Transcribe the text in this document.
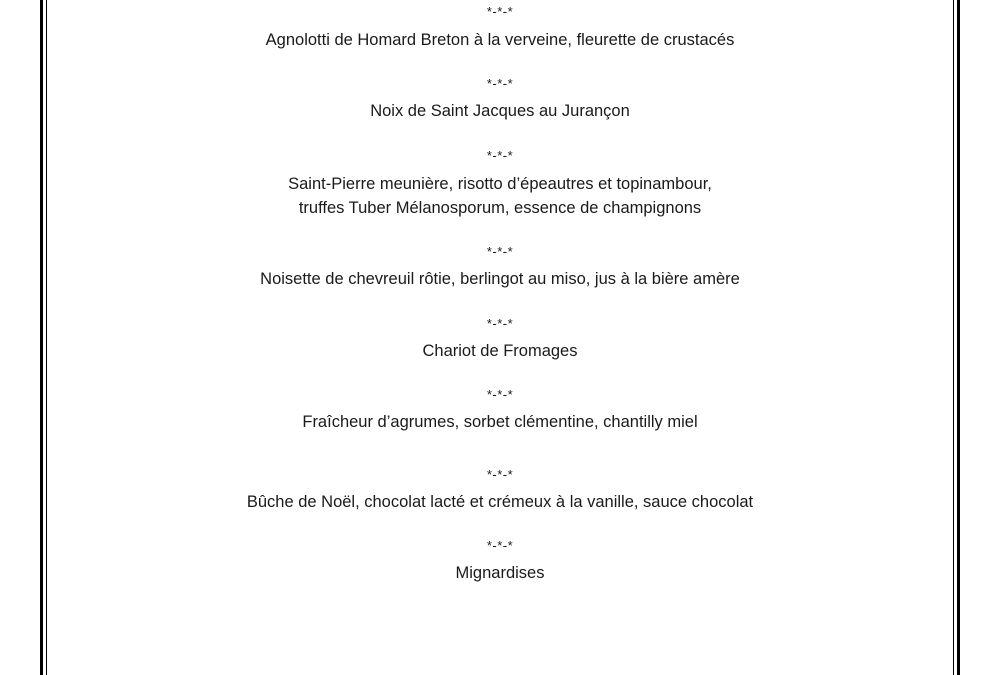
*-*-*
Agnolotti de Homard Breton à la verveine, fleurette de crustacés
*-*-*
Noix de Saint Jacques au Jurançon
*-*-*
Saint-Pierre meunière, risotto d’épeautres et topinambour,
truffes Tuber Mélanosporum, essence de champignons
*-*-*
Noisette de chevreuil rôtie, berlingot au miso, jus à la bière amère
*-*-*
Chariot de Fromages
*-*-*
Fraîcheur d’agrumes, sorbet clémentine, chantilly miel
*-*-*
Bûche de Noël, chocolat lacté et crémeux à la vanille, sauce chocolat
*-*-*
Mignardises
